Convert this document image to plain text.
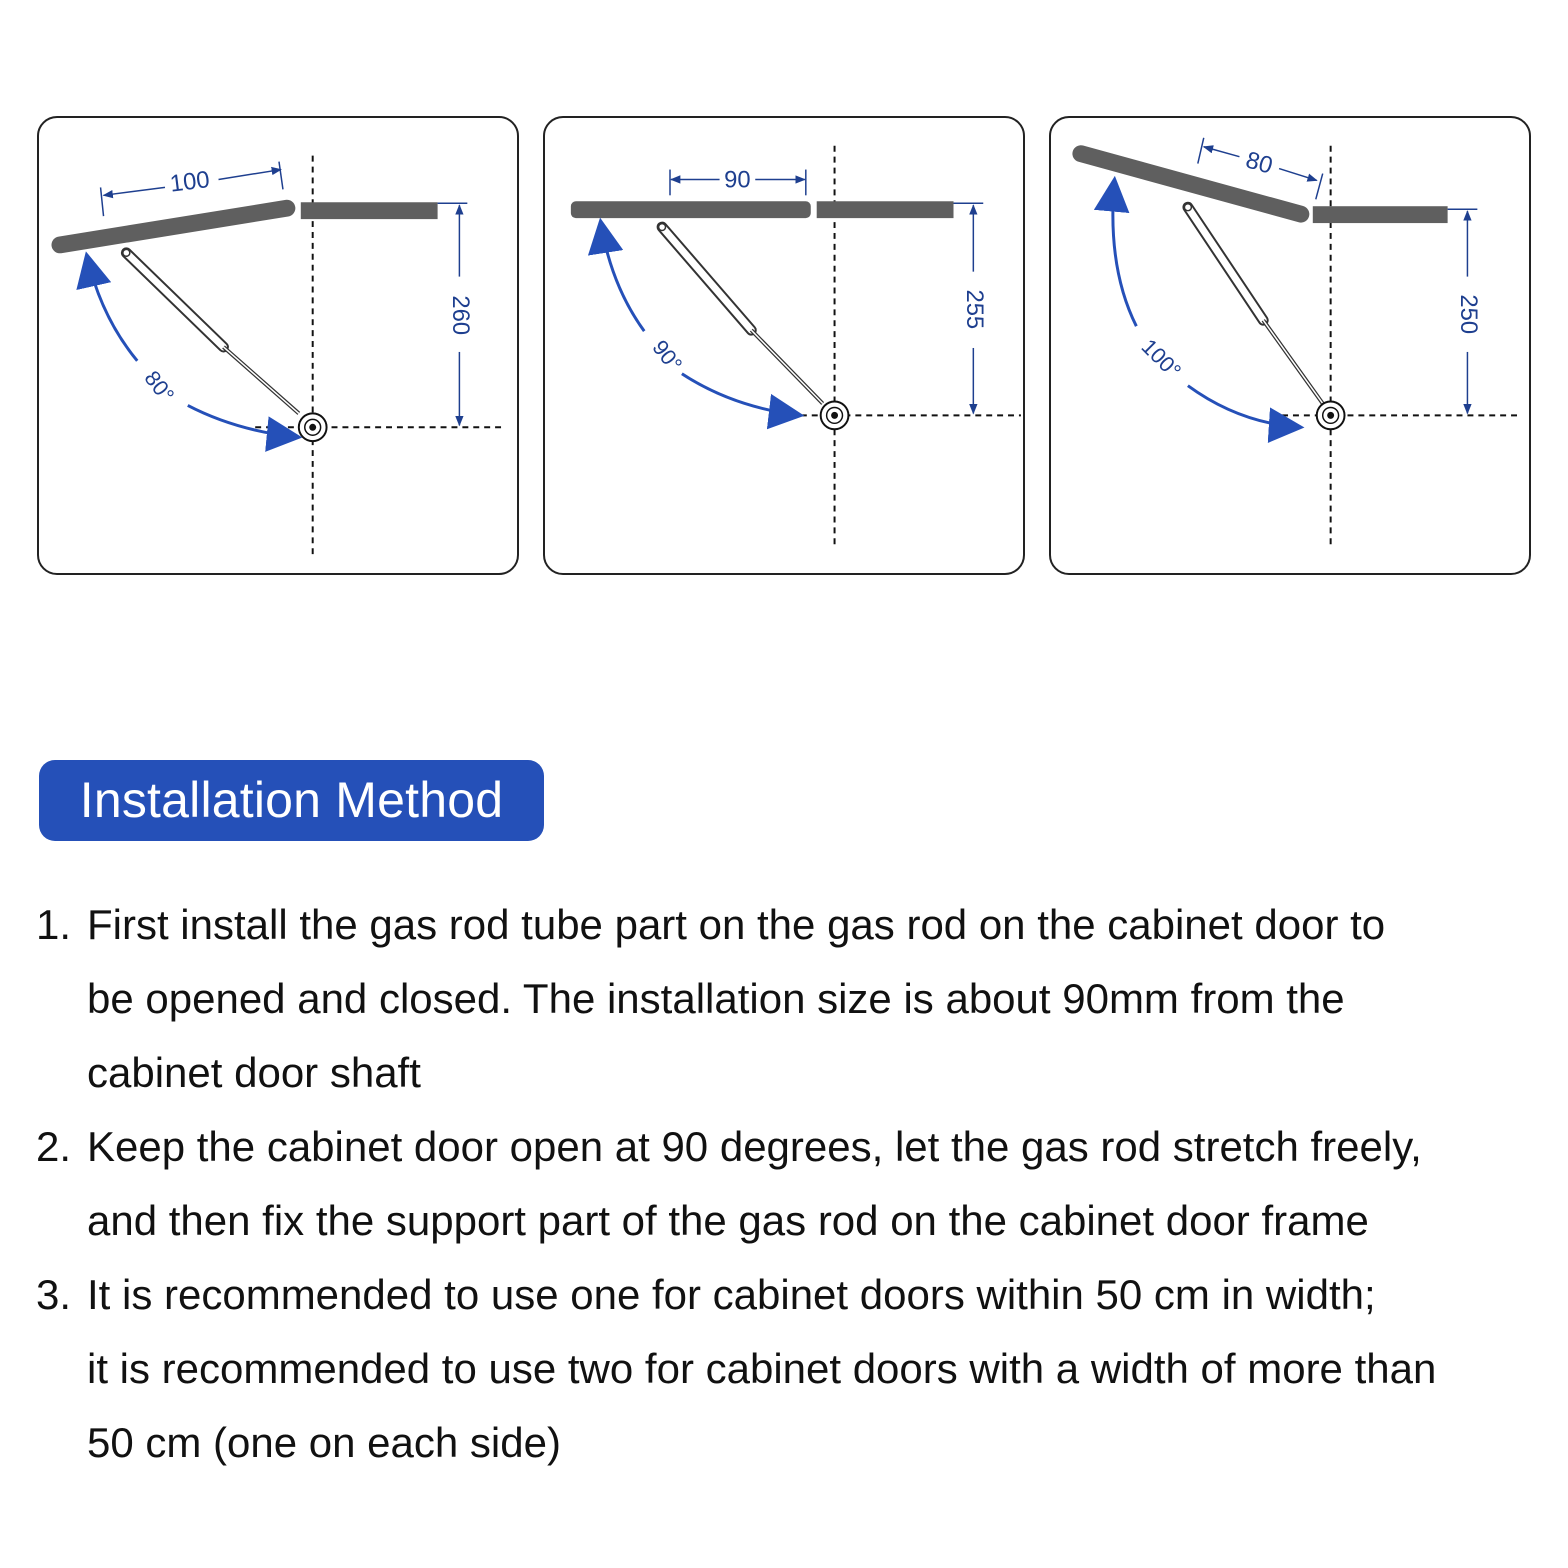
100
260
80°
90
255
90°
80
250
100°
Installation Method
1. First install the gas rod tube part on the gas rod on the cabinet door to
be opened and closed. The installation size is about 90mm from the
cabinet door shaft
2. Keep the cabinet door open at 90 degrees, let the gas rod stretch freely,
and then fix the support part of the gas rod on the cabinet door frame
3. It is recommended to use one for cabinet doors within 50 cm in width;
it is recommended to use two for cabinet doors with a width of more than
50 cm (one on each side)
